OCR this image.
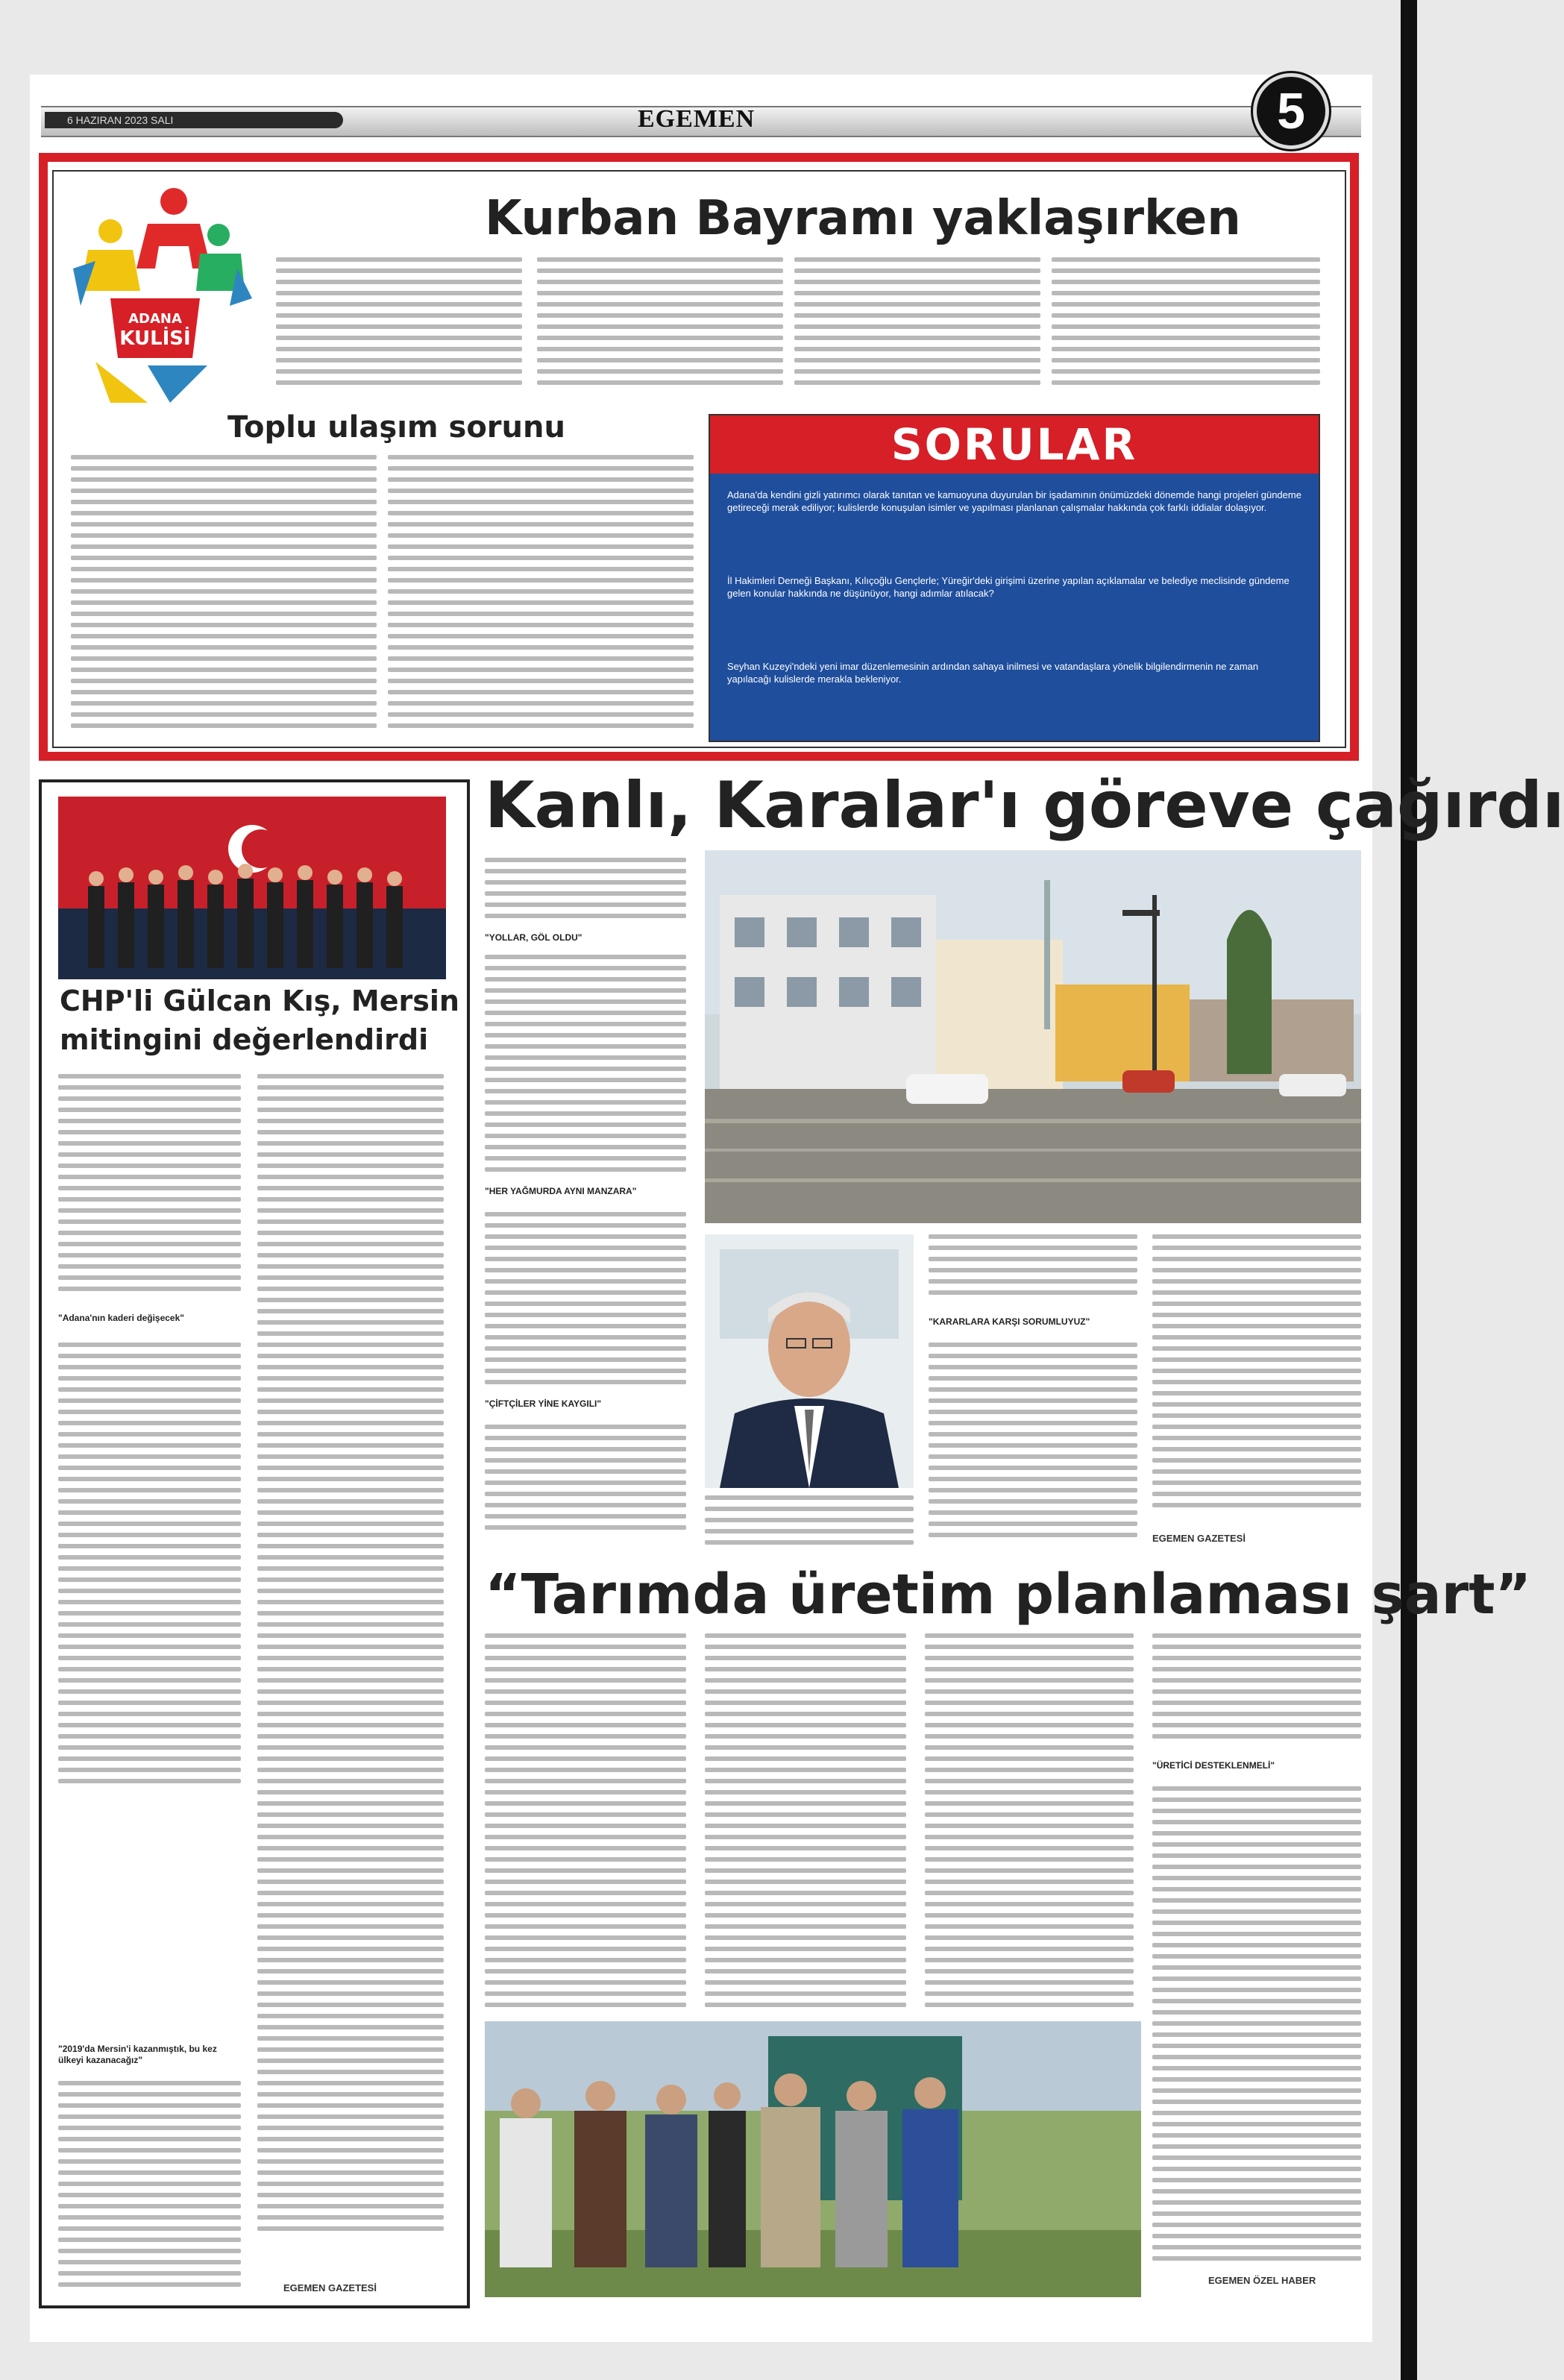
6 HAZIRAN 2023 SALI	EGEMEN	5
ADANA
KULİSİ
Kurban Bayramı yaklaşırken
Toplu ulaşım sorunu	SORULAR
Adana'da kendini gizli yatırımcı olarak tanıtan ve kamuoyuna duyurulan bir işadamının önümüzdeki dönemde hangi projeleri gündeme getireceği merak ediliyor; kulislerde konuşulan isimler ve yapılması planlanan çalışmalar hakkında çok farklı iddialar dolaşıyor.
İl Hakimleri Derneği Başkanı, Kılıçoğlu Gençlerle; Yüreğir'deki girişimi üzerine yapılan açıklamalar ve belediye meclisinde gündeme gelen konular hakkında ne düşünüyor, hangi adımlar atılacak?
Seyhan Kuzeyi'ndeki yeni imar düzenlemesinin ardından sahaya inilmesi ve vatandaşlara yönelik bilgilendirmenin ne zaman yapılacağı kulislerde merakla bekleniyor.
CHP'li Gülcan Kış, Mersin
mitingini değerlendirdi
"Adana'nın kaderi değişecek"
"2019'da Mersin'i kazanmıştık, bu kez ülkeyi kazanacağız"
EGEMEN GAZETESİ
Kanlı, Karalar'ı göreve çağırdı
"YOLLAR, GÖL OLDU"
"HER YAĞMURDA AYNI MANZARA"
"ÇİFTÇİLER YİNE KAYGILI"
"KARARLARA KARŞI SORUMLUYUZ"
EGEMEN GAZETESİ
“Tarımda üretim planlaması şart”
"ÜRETİCİ DESTEKLENMELİ"
EGEMEN ÖZEL HABER
